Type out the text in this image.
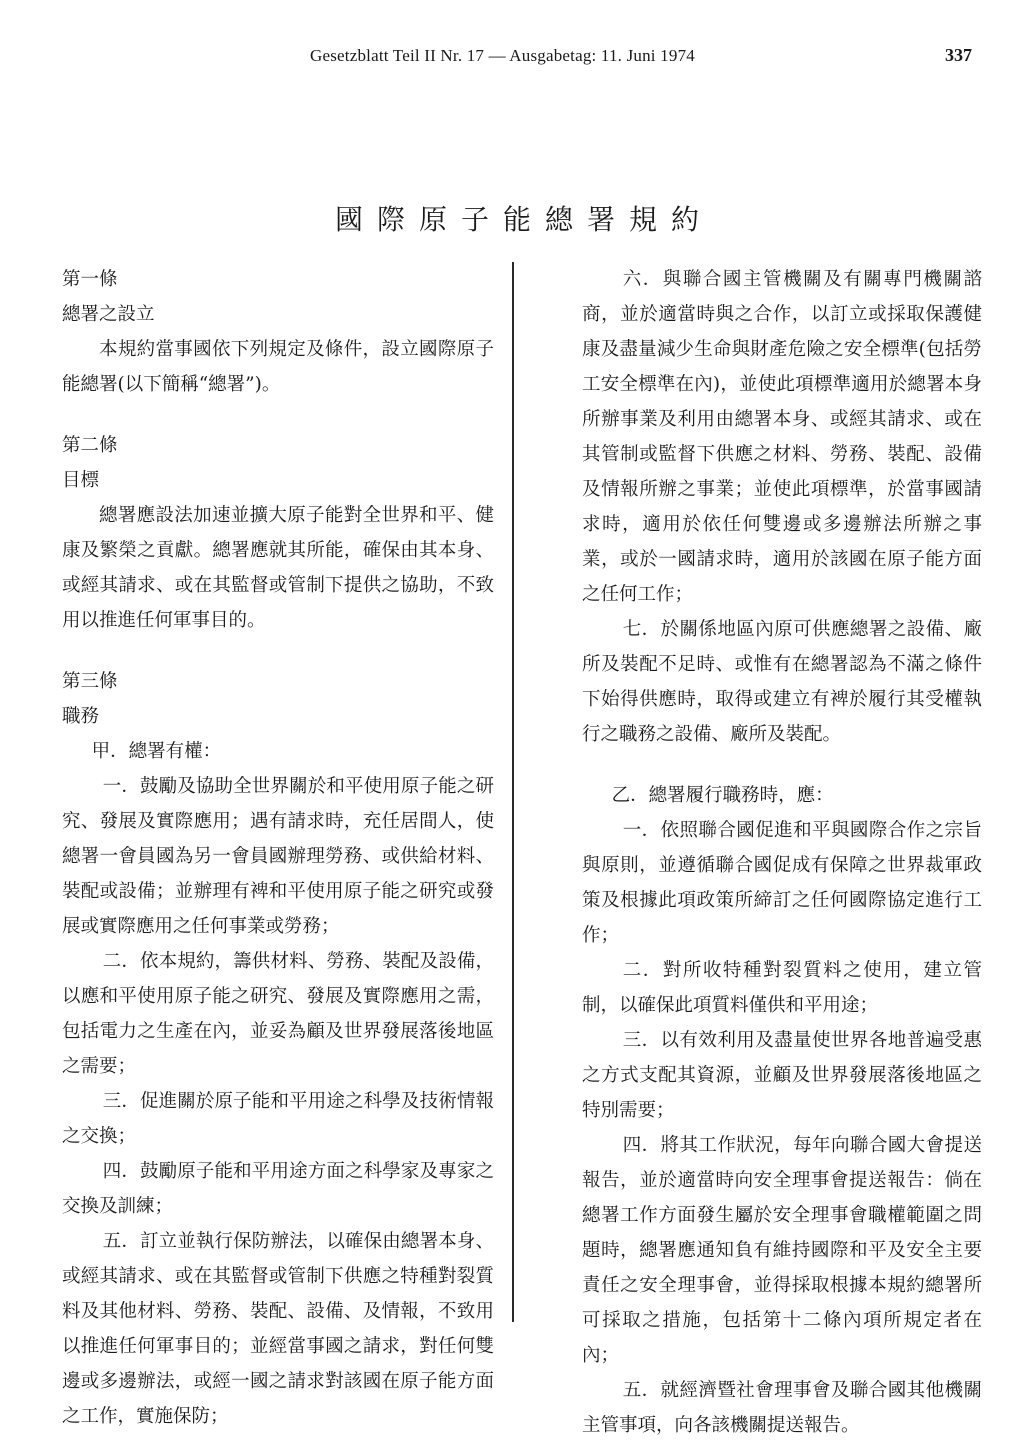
Gesetzblatt Teil II Nr. 17 — Ausgabetag: 11. Juni 1974	337
國際原子能總署規約

第一條

總署之設立

本規約當事國依下列規定及條件，設立國際原子能總署(以下簡稱“總署”)。

第二條

目標

總署應設法加速並擴大原子能對全世界和平、健康及繁榮之貢獻。總署應就其所能，確保由其本身、或經其請求、或在其監督或管制下提供之協助，不致用以推進任何軍事目的。

第三條

職務

甲．總署有權：

一．鼓勵及協助全世界關於和平使用原子能之研究、發展及實際應用；遇有請求時，充任居間人，使總署一會員國為另一會員國辦理勞務、或供給材料、裝配或設備；並辦理有裨和平使用原子能之研究或發展或實際應用之任何事業或勞務；

二．依本規約，籌供材料、勞務、裝配及設備，以應和平使用原子能之研究、發展及實際應用之需，包括電力之生產在內，並妥為顧及世界發展落後地區之需要；

三．促進關於原子能和平用途之科學及技術情報之交換；

四．鼓勵原子能和平用途方面之科學家及專家之交換及訓練；

五．訂立並執行保防辦法，以確保由總署本身、或經其請求、或在其監督或管制下供應之特種對裂質料及其他材料、勞務、裝配、設備、及情報，不致用以推進任何軍事目的；並經當事國之請求，對任何雙邊或多邊辦法，或經一國之請求對該國在原子能方面之工作，實施保防；

六．與聯合國主管機關及有關專門機關諮商，並於適當時與之合作，以訂立或採取保護健康及盡量減少生命與財產危險之安全標準(包括勞工安全標準在內)，並使此項標準適用於總署本身所辦事業及利用由總署本身、或經其請求、或在其管制或監督下供應之材料、勞務、裝配、設備及情報所辦之事業；並使此項標準，於當事國請求時，適用於依任何雙邊或多邊辦法所辦之事業，或於一國請求時，適用於該國在原子能方面之任何工作；

七．於關係地區內原可供應總署之設備、廠所及裝配不足時、或惟有在總署認為不滿之條件下始得供應時，取得或建立有裨於履行其受權執行之職務之設備、廠所及裝配。

乙．總署履行職務時，應：

一．依照聯合國促進和平與國際合作之宗旨與原則，並遵循聯合國促成有保障之世界裁軍政策及根據此項政策所締訂之任何國際協定進行工作；

二．對所收特種對裂質料之使用，建立管制，以確保此項質料僅供和平用途；

三．以有效利用及盡量使世界各地普遍受惠之方式支配其資源，並顧及世界發展落後地區之特別需要；

四．將其工作狀況，每年向聯合國大會提送報告，並於適當時向安全理事會提送報告：倘在總署工作方面發生屬於安全理事會職權範圍之問題時，總署應通知負有維持國際和平及安全主要責任之安全理事會，並得採取根據本規約總署所可採取之措施，包括第十二條內項所規定者在內；

五．就經濟暨社會理事會及聯合國其他機關主管事項，向各該機關提送報告。
